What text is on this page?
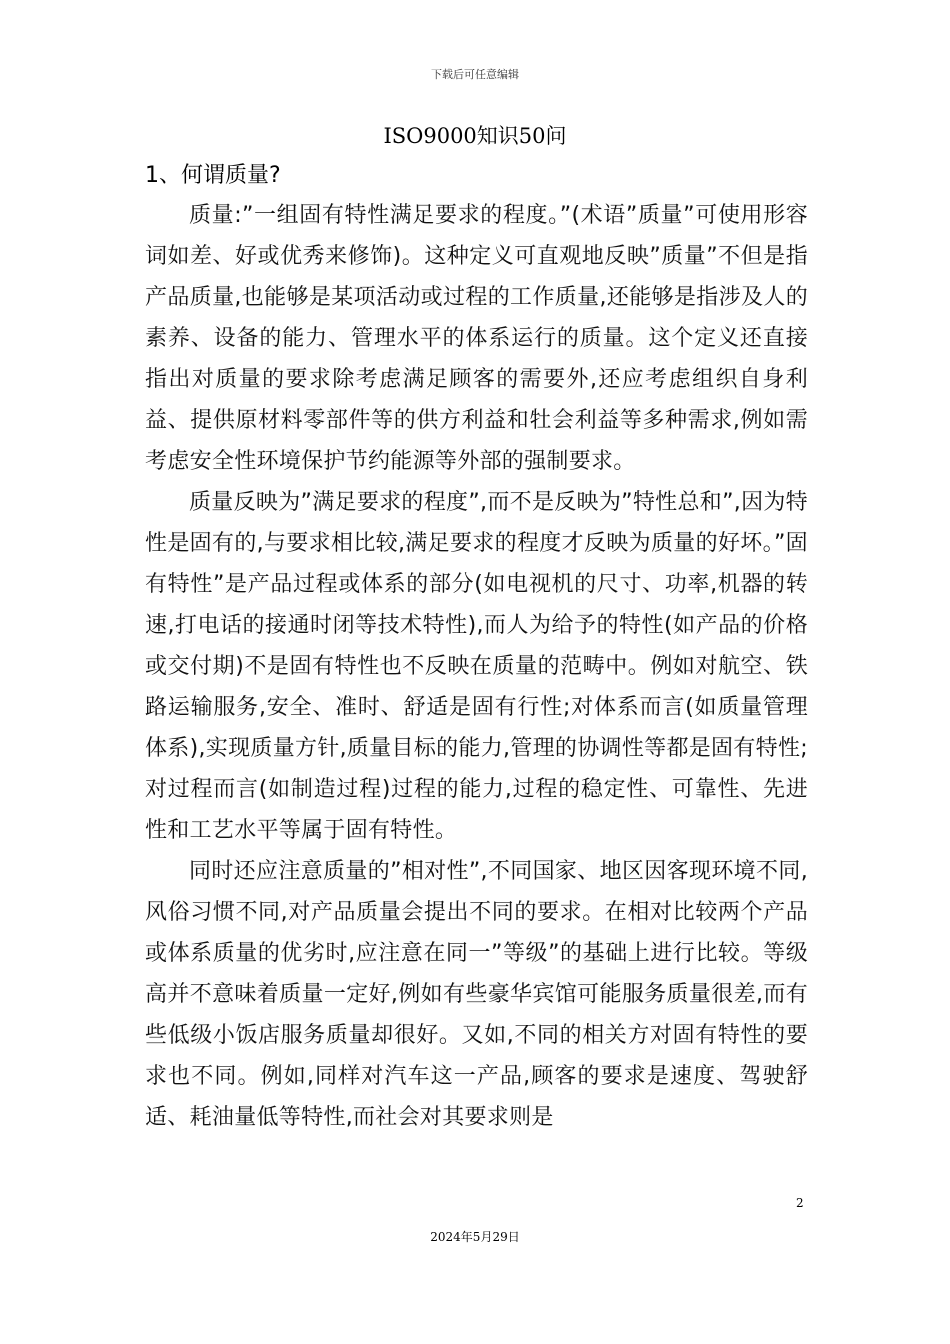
下载后可任意编辑
ISO9000知识50问
1、何谓质量?

质量:”一组固有特性满足要求的程度。”(术语”质量”可使用形容词如差、好或优秀来修饰)。这种定义可直观地反映”质量”不但是指产品质量,也能够是某项活动或过程的工作质量,还能够是指涉及人的素养、设备的能力、管理水平的体系运行的质量。这个定义还直接指出对质量的要求除考虑满足顾客的需要外,还应考虑组织自身利益、提供原材料零部件等的供方利益和牡会利益等多种需求,例如需考虑安全性环境保护节约能源等外部的强制要求。

质量反映为”满足要求的程度”,而不是反映为”特性总和”,因为特性是固有的,与要求相比较,满足要求的程度才反映为质量的好坏。”固有特性”是产品过程或体系的部分(如电视机的尺寸、功率,机器的转速,打电话的接通时闭等技术特性),而人为给予的特性(如产品的价格或交付期)不是固有特性也不反映在质量的范畴中。例如对航空、铁路运输服务,安全、准时、舒适是固有行性;对体系而言(如质量管理体系),实现质量方针,质量目标的能力,管理的协调性等都是固有特性;对过程而言(如制造过程)过程的能力,过程的稳定性、可靠性、先进性和工艺水平等属于固有特性。

同时还应注意质量的”相对性”,不同国家、地区因客现环境不同,风俗习惯不同,对产品质量会提出不同的要求。在相对比较两个产品或体系质量的优劣时,应注意在同一”等级”的基础上进行比较。等级高并不意味着质量一定好,例如有些豪华宾馆可能服务质量很差,而有些低级小饭店服务质量却很好。又如,不同的相关方对固有特性的要求也不同。例如,同样对汽车这一产品,顾客的要求是速度、驾驶舒适、耗油量低等特性,而社会对其要求则是

2
2024年5月29日
